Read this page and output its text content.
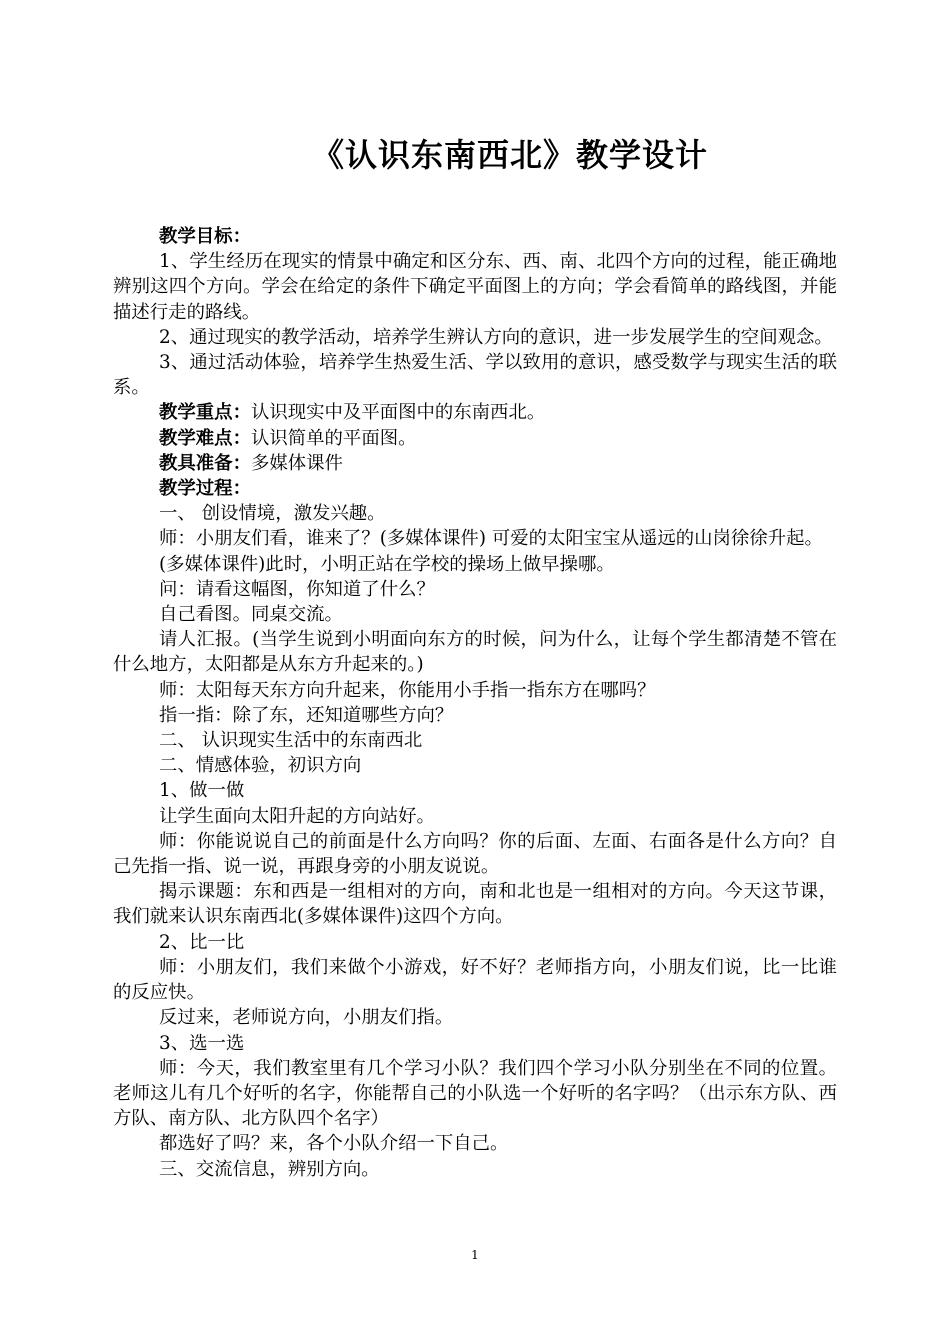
《认识东南西北》教学设计

教学目标：

1、学生经历在现实的情景中确定和区分东、西、南、北四个方向的过程，能正确地辨别这四个方向。学会在给定的条件下确定平面图上的方向；学会看简单的路线图，并能描述行走的路线。

2、通过现实的教学活动，培养学生辨认方向的意识，进一步发展学生的空间观念。

3、通过活动体验，培养学生热爱生活、学以致用的意识，感受数学与现实生活的联系。

教学重点：认识现实中及平面图中的东南西北。

教学难点：认识简单的平面图。

教具准备：多媒体课件

教学过程：

一、 创设情境，激发兴趣。

师：小朋友们看，谁来了？(多媒体课件) 可爱的太阳宝宝从遥远的山岗徐徐升起。

(多媒体课件)此时，小明正站在学校的操场上做早操哪。

问：请看这幅图，你知道了什么？

自己看图。同桌交流。

请人汇报。(当学生说到小明面向东方的时候，问为什么，让每个学生都清楚不管在什么地方，太阳都是从东方升起来的。)

师：太阳每天东方向升起来，你能用小手指一指东方在哪吗？

指一指：除了东，还知道哪些方向？

二、 认识现实生活中的东南西北

二、情感体验，初识方向

1、做一做

让学生面向太阳升起的方向站好。

师：你能说说自己的前面是什么方向吗？你的后面、左面、右面各是什么方向？自己先指一指、说一说，再跟身旁的小朋友说说。

揭示课题：东和西是一组相对的方向，南和北也是一组相对的方向。今天这节课，我们就来认识东南西北(多媒体课件)这四个方向。

2、比一比

师：小朋友们，我们来做个小游戏，好不好？老师指方向，小朋友们说，比一比谁的反应快。

反过来，老师说方向，小朋友们指。

3、选一选

师：今天，我们教室里有几个学习小队？我们四个学习小队分别坐在不同的位置。老师这儿有几个好听的名字，你能帮自己的小队选一个好听的名字吗？（出示东方队、西方队、南方队、北方队四个名字）

都选好了吗？来，各个小队介绍一下自己。

三、交流信息，辨别方向。

1
